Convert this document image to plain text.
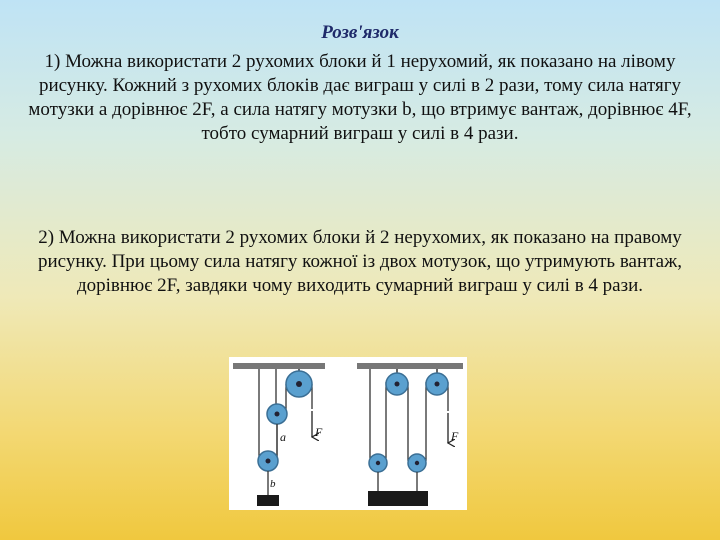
Розв'язок

1) Можна використати 2 рухомих блоки й 1 нерухомий, як показано на лівому рисунку. Кожний з рухомих блоків дає виграш у силі в 2 рази, тому сила натягу мотузки a дорівнює 2F, а сила натягу мотузки b, що втримує вантаж, дорівнює 4F, тобто сумарний виграш у силі в 4 рази.

2) Можна використати 2 рухомих блоки й 2 нерухомих, як показано на правому рисунку. При цьому сила натягу кожної із двох мотузок, що утримують вантаж, дорівнює 2F, завдяки чому виходить сумарний виграш у силі в 4 рази.

a
b
F	F
